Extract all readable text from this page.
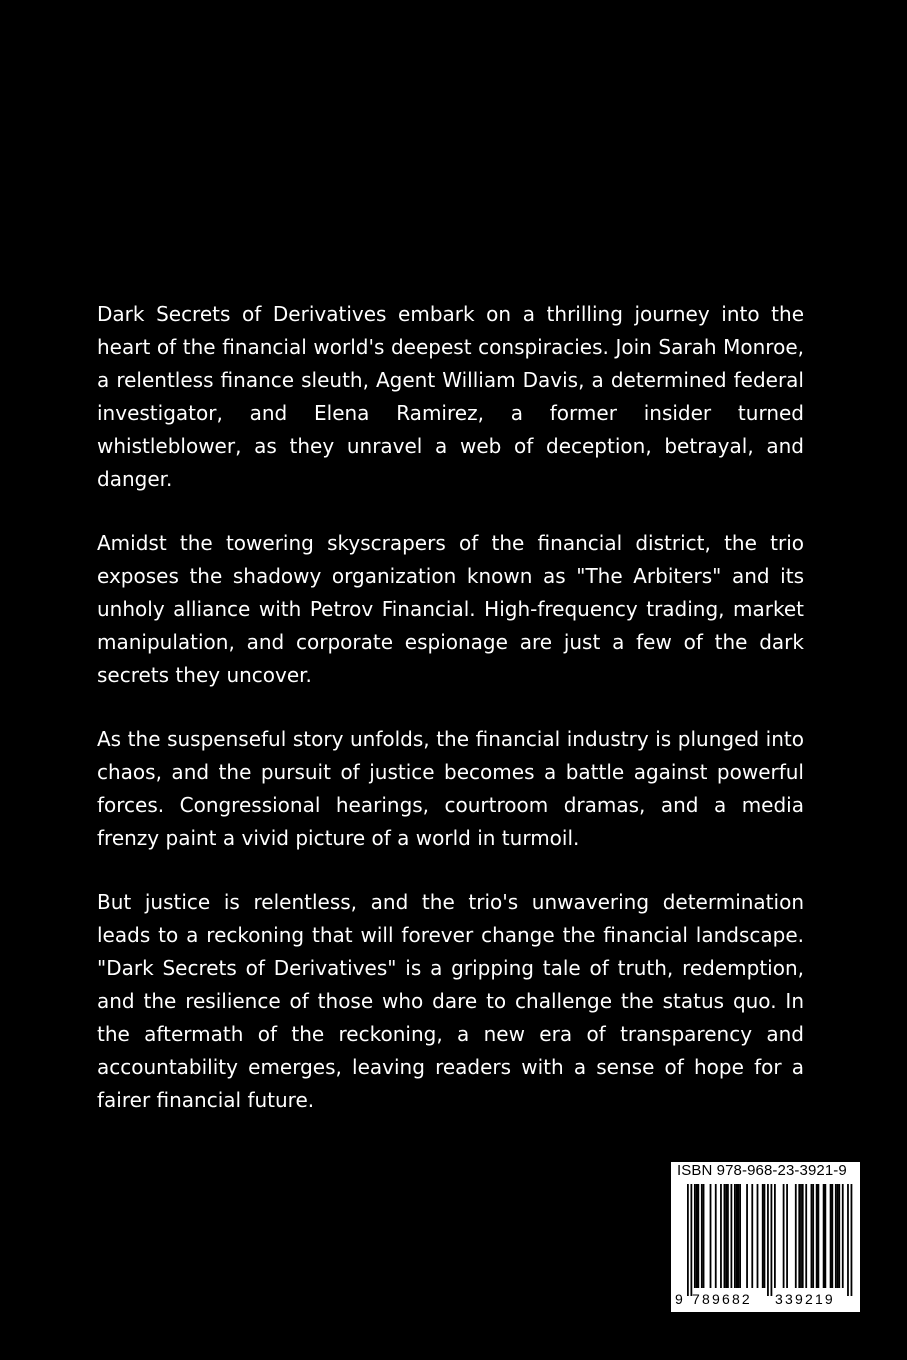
Dark Secrets of Derivatives embark on a thrilling journey into the heart of the financial world's deepest conspiracies. Join Sarah Monroe, a relentless finance sleuth, Agent William Davis, a determined federal investigator, and Elena Ramirez, a former insider turned whistleblower, as they unravel a web of deception, betrayal, and danger.

Amidst the towering skyscrapers of the financial district, the trio exposes the shadowy organization known as "The Arbiters" and its unholy alliance with Petrov Financial. High-frequency trading, market manipulation, and corporate espionage are just a few of the dark secrets they uncover.

As the suspenseful story unfolds, the financial industry is plunged into chaos, and the pursuit of justice becomes a battle against powerful forces. Congressional hearings, courtroom dramas, and a media frenzy paint a vivid picture of a world in turmoil.

But justice is relentless, and the trio's unwavering determination leads to a reckoning that will forever change the financial landscape. "Dark Secrets of Derivatives" is a gripping tale of truth, redemption, and the resilience of those who dare to challenge the status quo. In the aftermath of the reckoning, a new era of transparency and accountability emerges, leaving readers with a sense of hope for a fairer financial future.

ISBN 978-968-23-3921-9
9 789682 339219
